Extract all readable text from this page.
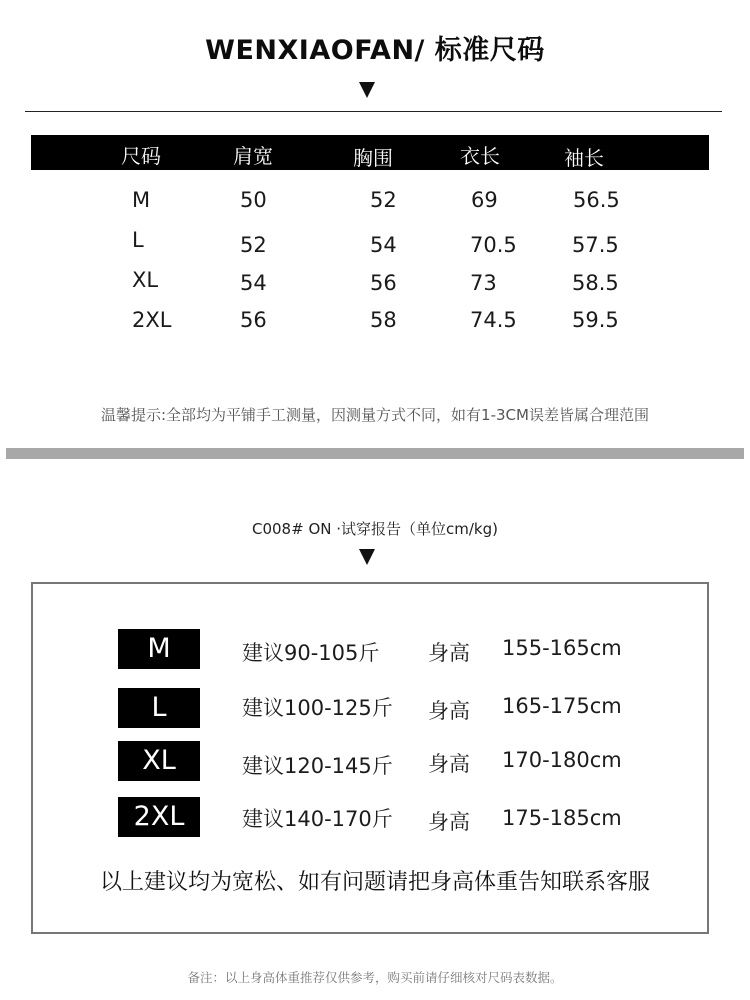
WENXIAOFAN/ 标准尺码
尺码	肩宽	胸围	衣长	袖长
M	50	52	69	56.5
L	52	54	70.5	57.5
XL	54	56	73	58.5
2XL	56	58	74.5	59.5
温馨提示:全部均为平铺手工测量，因测量方式不同，如有1-3CM误差皆属合理范围
C008# ON ·试穿报告（单位cm/kg)
M	建议90-105斤 身高 155-165cm
L	建议100-125斤 身高 165-175cm
XL	建议120-145斤 身高 170-180cm
2XL	建议140-170斤 身高 175-185cm
以上建议均为宽松、如有问题请把身高体重告知联系客服
备注：以上身高体重推荐仅供参考，购买前请仔细核对尺码表数据。
